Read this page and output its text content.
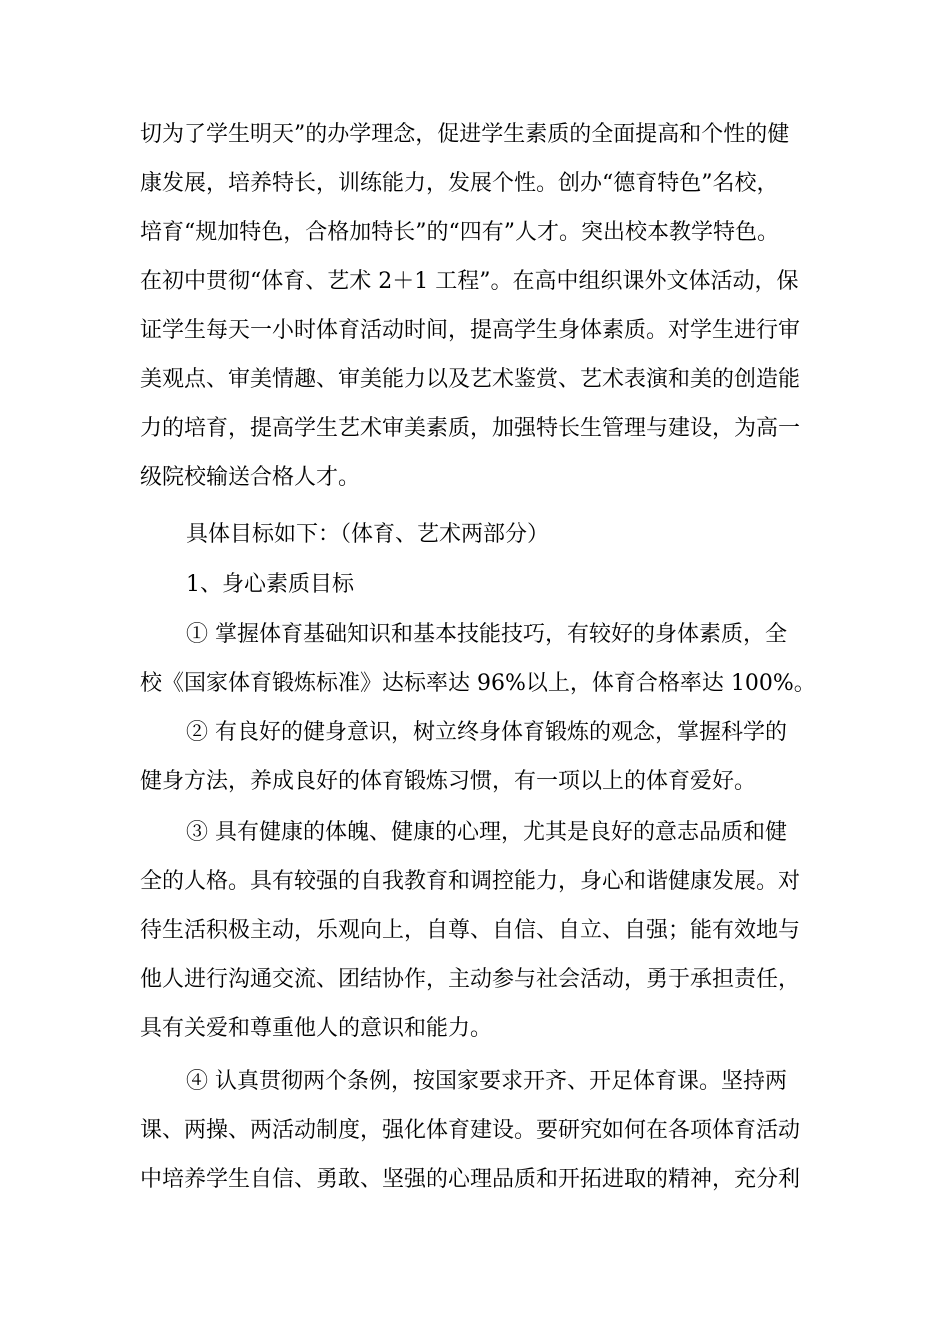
切为了学生明天”的办学理念，促进学生素质的全面提高和个性的健
康发展，培养特长，训练能力，发展个性。创办“德育特色”名校，
培育“规加特色，合格加特长”的“四有”人才。突出校本教学特色。
在初中贯彻“体育、艺术 2＋1 工程”。在高中组织课外文体活动，保
证学生每天一小时体育活动时间，提高学生身体素质。对学生进行审
美观点、审美情趣、审美能力以及艺术鉴赏、艺术表演和美的创造能
力的培育，提高学生艺术审美素质，加强特长生管理与建设，为高一
级院校输送合格人才。
具体目标如下：（体育、艺术两部分）
1、身心素质目标
① 掌握体育基础知识和基本技能技巧，有较好的身体素质，全
校《国家体育锻炼标准》达标率达 96%以上，体育合格率达 100%。
② 有良好的健身意识，树立终身体育锻炼的观念，掌握科学的
健身方法，养成良好的体育锻炼习惯，有一项以上的体育爱好。
③ 具有健康的体魄、健康的心理，尤其是良好的意志品质和健
全的人格。具有较强的自我教育和调控能力，身心和谐健康发展。对
待生活积极主动，乐观向上，自尊、自信、自立、自强；能有效地与
他人进行沟通交流、团结协作，主动参与社会活动，勇于承担责任，
具有关爱和尊重他人的意识和能力。
④ 认真贯彻两个条例，按国家要求开齐、开足体育课。坚持两
课、两操、两活动制度，强化体育建设。要研究如何在各项体育活动
中培养学生自信、勇敢、坚强的心理品质和开拓进取的精神，充分利
